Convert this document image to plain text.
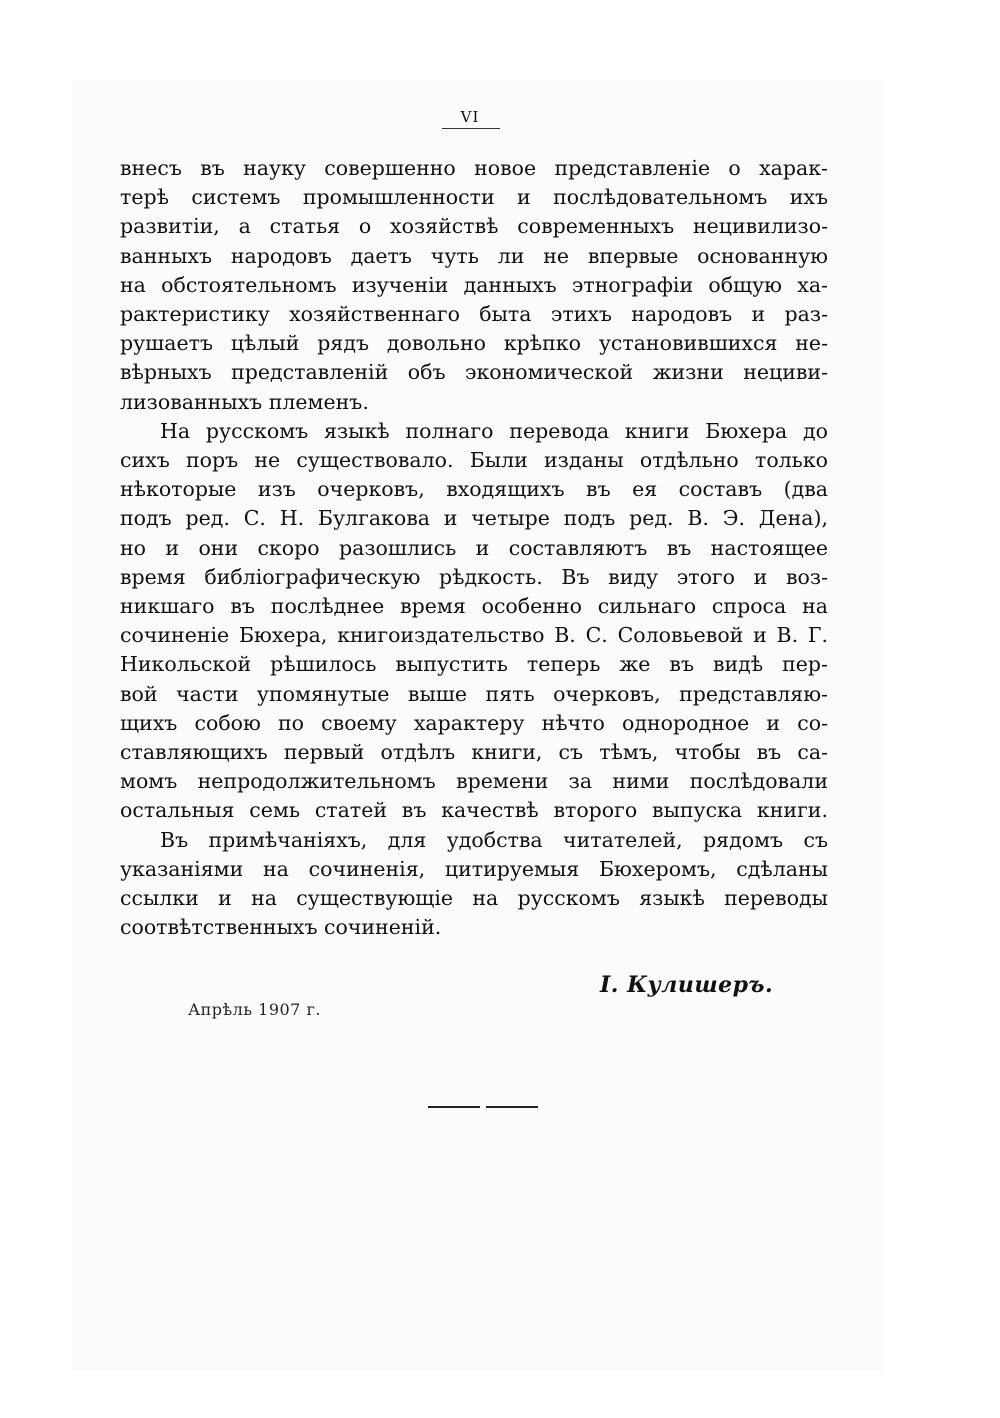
VI

внесъ въ науку совершенно новое представленіе о харак-
терѣ системъ промышленности и послѣдовательномъ ихъ
развитіи, а статья о хозяйствѣ современныхъ нецивилизо-
ванныхъ народовъ даетъ чуть ли не впервые основанную
на обстоятельномъ изученіи данныхъ этнографіи общую ха-
рактеристику хозяйственнаго быта этихъ народовъ и раз-
рушаетъ цѣлый рядъ довольно крѣпко установившихся не-
вѣрныхъ представленій объ экономической жизни нециви-
лизованныхъ племенъ.

На русскомъ языкѣ полнаго перевода книги Бюхера до
сихъ поръ не существовало. Были изданы отдѣльно только
нѣкоторые изъ очерковъ, входящихъ въ ея составъ (два
подъ ред. С. Н. Булгакова и четыре подъ ред. В. Э. Дена),
но и они скоро разошлись и составляютъ въ настоящее
время библіографическую рѣдкость. Въ виду этого и воз-
никшаго въ послѣднее время особенно сильнаго спроса на
сочиненіе Бюхера, книгоиздательство В. С. Соловьевой и В. Г.
Никольской рѣшилось выпустить теперь же въ видѣ пер-
вой части упомянутые выше пять очерковъ, представляю-
щихъ собою по своему характеру нѣчто однородное и со-
ставляющихъ первый отдѣлъ книги, съ тѣмъ, чтобы въ са-
момъ непродолжительномъ времени за ними послѣдовали
остальныя семь статей въ качествѣ второго выпуска книги.

Въ примѣчаніяхъ, для удобства читателей, рядомъ съ
указаніями на сочиненія, цитируемыя Бюхеромъ, сдѣланы
ссылки и на существующіе на русскомъ языкѣ переводы
соотвѣтственныхъ сочиненій.

І. Кулишеръ.
Апрѣль 1907 г.
